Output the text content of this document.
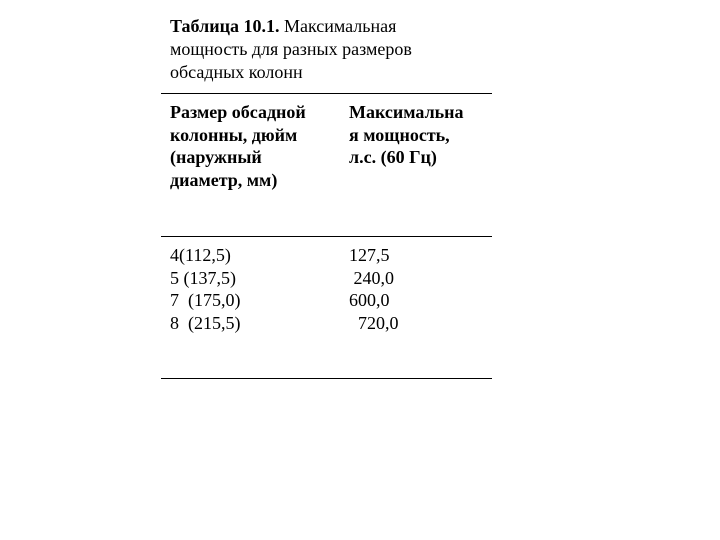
Таблица 10.1. Максимальная мощность для разных размеров обсадных колонн
Размер обсадной
колонны, дюйм
(наружный
диаметр, мм)
Максимальна
я мощность,
л.с. (60 Гц)
4(112,5)
5 (137,5)
7  (175,0)
8  (215,5)
127,5
240,0
600,0
720,0
